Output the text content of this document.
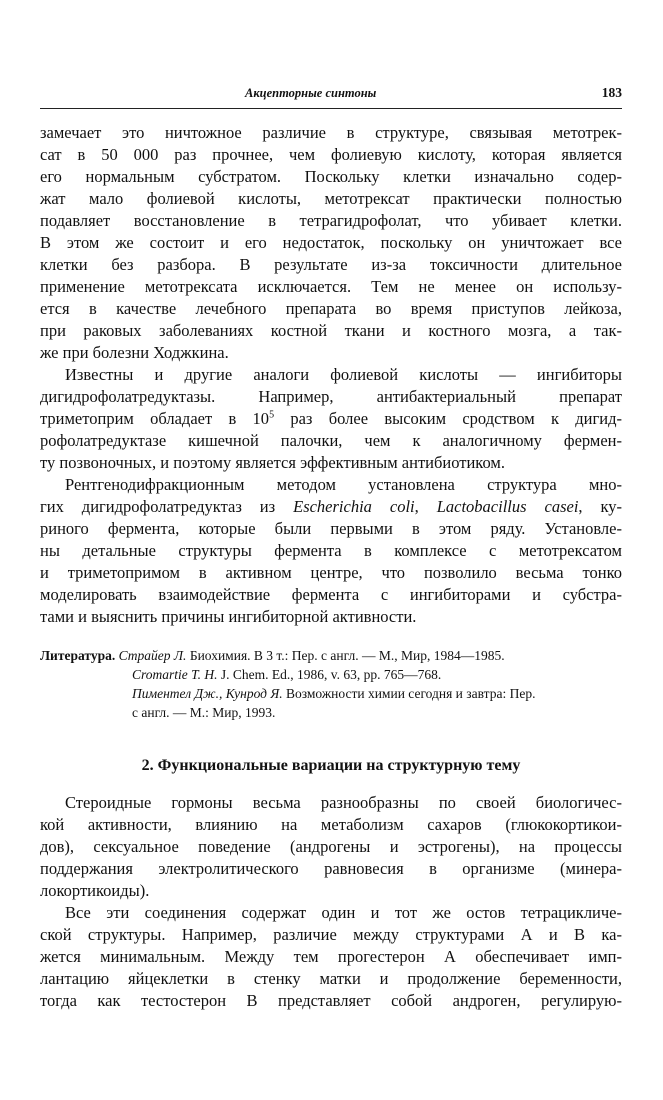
Акцепторные синтоны	183

замечает это ничтожное различие в структуре, связывая метотрек-
сат в 50 000 раз прочнее, чем фолиевую кислоту, которая является
его нормальным субстратом. Поскольку клетки изначально содер-
жат мало фолиевой кислоты, метотрексат практически полностью
подавляет восстановление в тетрагидрофолат, что убивает клетки.
В этом же состоит и его недостаток, поскольку он уничтожает все
клетки без разбора. В результате из-за токсичности длительное
применение метотрексата исключается. Тем не менее он использу-
ется в качестве лечебного препарата во время приступов лейкоза,
при раковых заболеваниях костной ткани и костного мозга, а так-
же при болезни Ходжкина.

Известны и другие аналоги фолиевой кислоты — ингибиторы
дигидрофолатредуктазы. Например, антибактериальный препарат
триметоприм обладает в $10^5$ раз более высоким сродством к дигид-
рофолатредуктазе кишечной палочки, чем к аналогичному фермен-
ту позвоночных, и поэтому является эффективным антибиотиком.

Рентгенодифракционным методом установлена структура мно-
гих дигидрофолатредуктаз из Escherichia coli, Lactobacillus casei, ку-
риного фермента, которые были первыми в этом ряду. Установле-
ны детальные структуры фермента в комплексе с метотрексатом
и триметопримом в активном центре, что позволило весьма тонко
моделировать взаимодействие фермента с ингибиторами и субстра-
тами и выяснить причины ингибиторной активности.

Литература. Страйер Л. Биохимия. В 3 т.: Пер. с англ. — М., Мир, 1984—1985.
Cromartie T. H. J. Chem. Ed., 1986, v. 63, pp. 765—768.
Пиментел Дж., Кунрод Я. Возможности химии сегодня и завтра: Пер.
с англ. — М.: Мир, 1993.
2. Функциональные вариации на структурную тему

Стероидные гормоны весьма разнообразны по своей биологичес-
кой активности, влиянию на метаболизм сахаров (глюкокортикои-
дов), сексуальное поведение (андрогены и эстрогены), на процессы
поддержания электролитического равновесия в организме (минера-
локортикоиды).

Все эти соединения содержат один и тот же остов тетрацикличе-
ской структуры. Например, различие между структурами А и В ка-
жется минимальным. Между тем прогестерон А обеспечивает имп-
лантацию яйцеклетки в стенку матки и продолжение беременности,
тогда как тестостерон В представляет собой андроген, регулирую-
